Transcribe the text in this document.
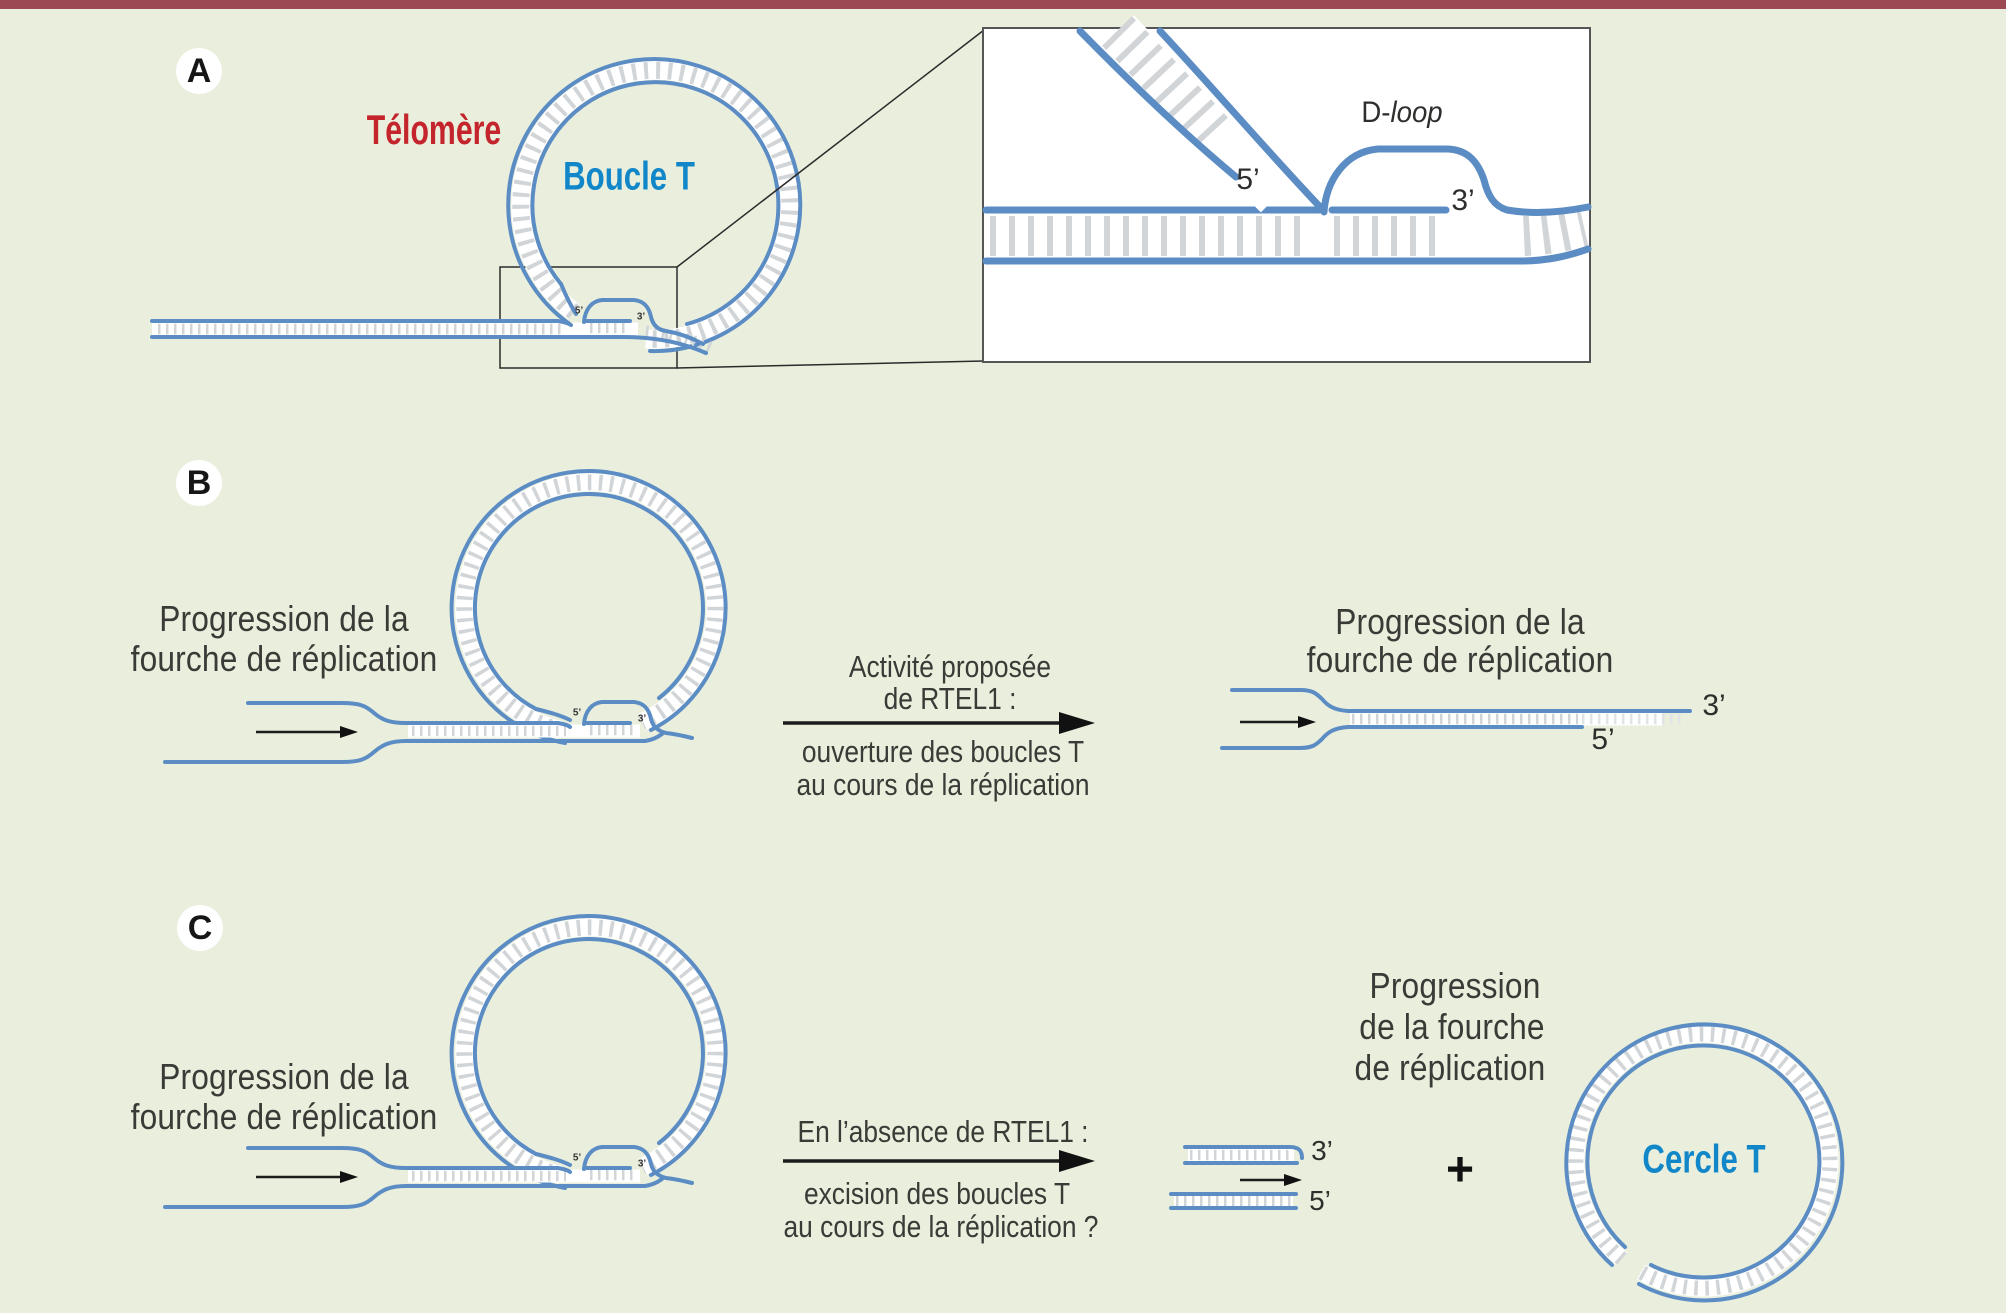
A
Télomère
Boucle T
5’
3’
D-loop
5’
3’
B
Progression de la
fourche de réplication
5’
3’
Activité proposée
de RTEL1 :
ouverture des boucles T
au cours de la réplication
Progression de la
fourche de réplication
3’
5’
C
Progression de la
fourche de réplication
5’
3’
En l’absence de RTEL1 :
excision des boucles T
au cours de la réplication ?
3’
5’
+
Progression
de la fourche
de réplication
Cercle T
